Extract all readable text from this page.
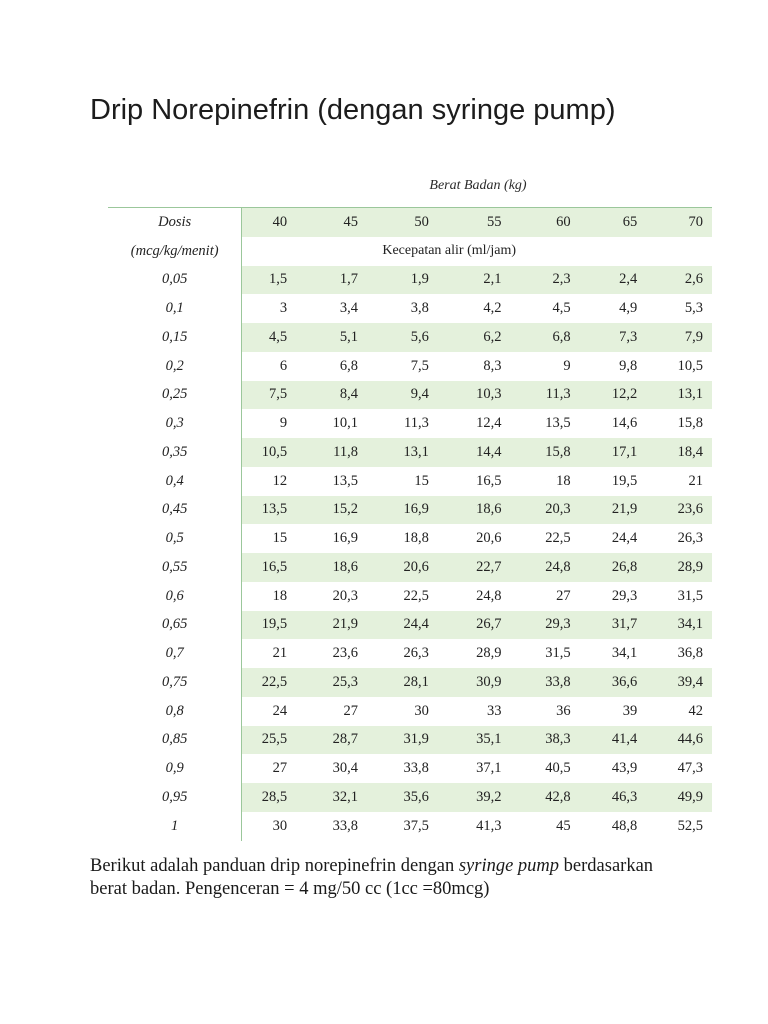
Drip Norepinefrin (dengan syringe pump)
Berat Badan (kg)
Dosis	40	45	50	55	60	65	70
(mcg/kg/menit)	Kecepatan alir (ml/jam)						
0,05	1,5	1,7	1,9	2,1	2,3	2,4	2,6
0,1	3	3,4	3,8	4,2	4,5	4,9	5,3
0,15	4,5	5,1	5,6	6,2	6,8	7,3	7,9
0,2	6	6,8	7,5	8,3	9	9,8	10,5
0,25	7,5	8,4	9,4	10,3	11,3	12,2	13,1
0,3	9	10,1	11,3	12,4	13,5	14,6	15,8
0,35	10,5	11,8	13,1	14,4	15,8	17,1	18,4
0,4	12	13,5	15	16,5	18	19,5	21
0,45	13,5	15,2	16,9	18,6	20,3	21,9	23,6
0,5	15	16,9	18,8	20,6	22,5	24,4	26,3
0,55	16,5	18,6	20,6	22,7	24,8	26,8	28,9
0,6	18	20,3	22,5	24,8	27	29,3	31,5
0,65	19,5	21,9	24,4	26,7	29,3	31,7	34,1
0,7	21	23,6	26,3	28,9	31,5	34,1	36,8
0,75	22,5	25,3	28,1	30,9	33,8	36,6	39,4
0,8	24	27	30	33	36	39	42
0,85	25,5	28,7	31,9	35,1	38,3	41,4	44,6
0,9	27	30,4	33,8	37,1	40,5	43,9	47,3
0,95	28,5	32,1	35,6	39,2	42,8	46,3	49,9
1	30	33,8	37,5	41,3	45	48,8	52,5

Berikut adalah panduan drip norepinefrin dengan syringe pump berdasarkan berat badan. Pengenceran = 4 mg/50 cc (1cc =80mcg)
